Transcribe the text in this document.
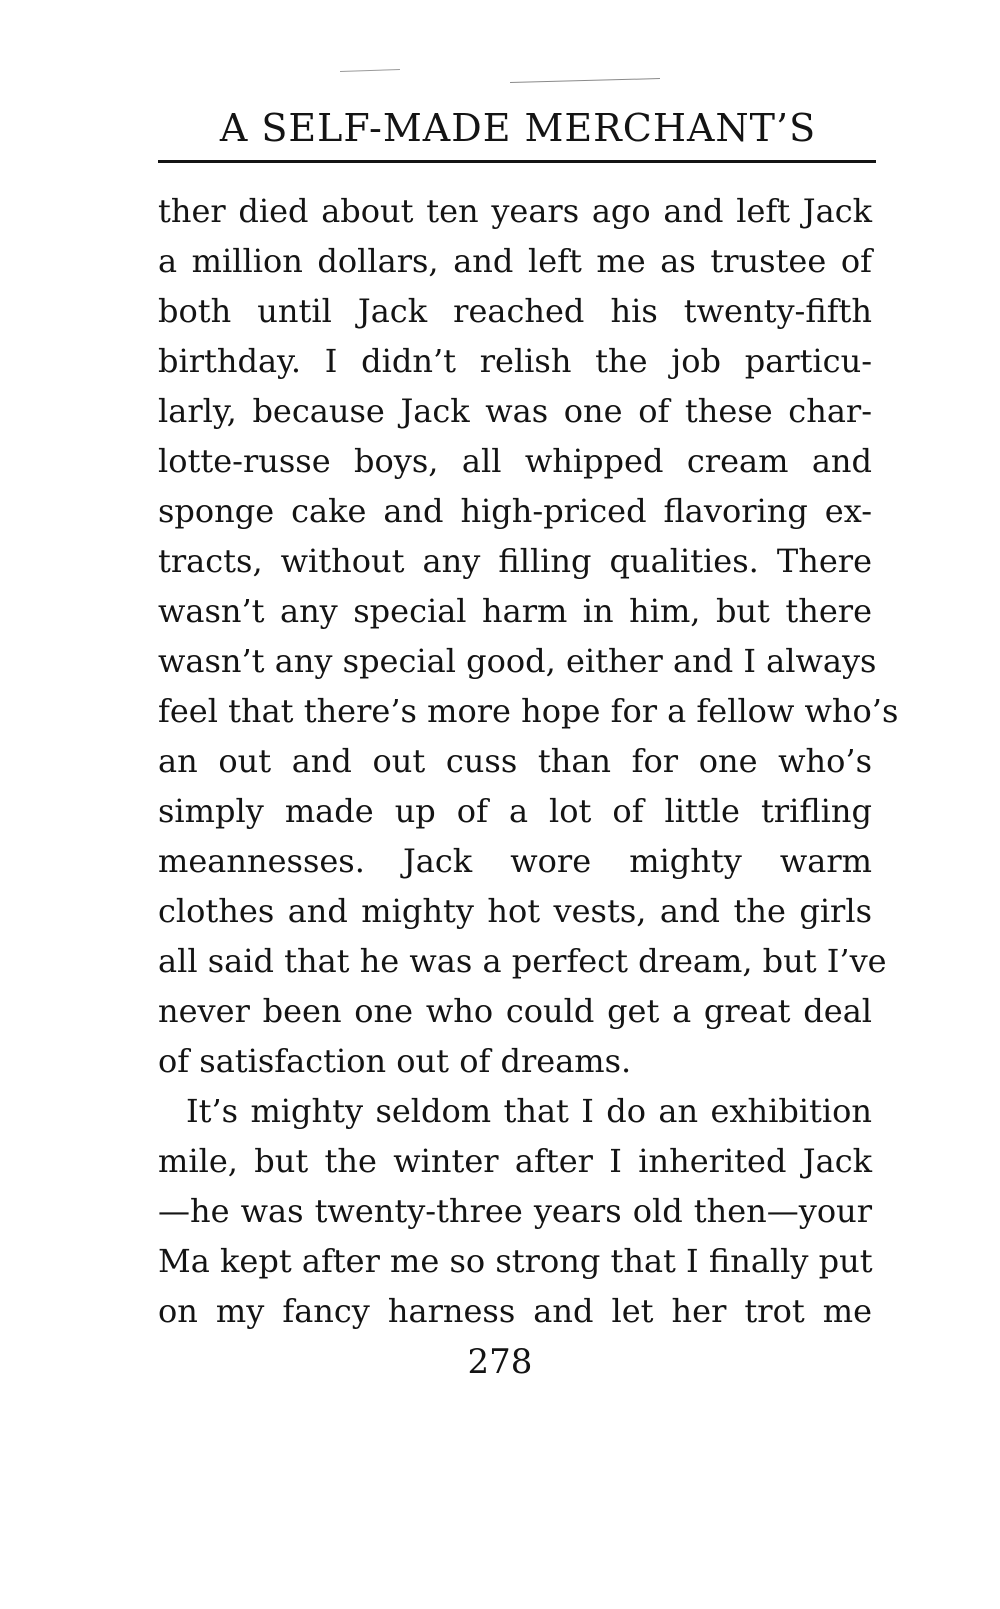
A SELF-MADE MERCHANT’S
ther died about ten years ago and left Jack
a million dollars, and left me as trustee of
both until Jack reached his twenty-fifth
birthday. I didn’t relish the job particu-
larly, because Jack was one of these char-
lotte-russe boys, all whipped cream and
sponge cake and high-priced flavoring ex-
tracts, without any filling qualities. There
wasn’t any special harm in him, but there
wasn’t any special good, either and I always
feel that there’s more hope for a fellow who’s
an out and out cuss than for one who’s
simply made up of a lot of little trifling
meannesses. Jack wore mighty warm
clothes and mighty hot vests, and the girls
all said that he was a perfect dream, but I’ve
never been one who could get a great deal
of satisfaction out of dreams.
It’s mighty seldom that I do an exhibition
mile, but the winter after I inherited Jack
—he was twenty-three years old then—your
Ma kept after me so strong that I finally put
on my fancy harness and let her trot me
278
